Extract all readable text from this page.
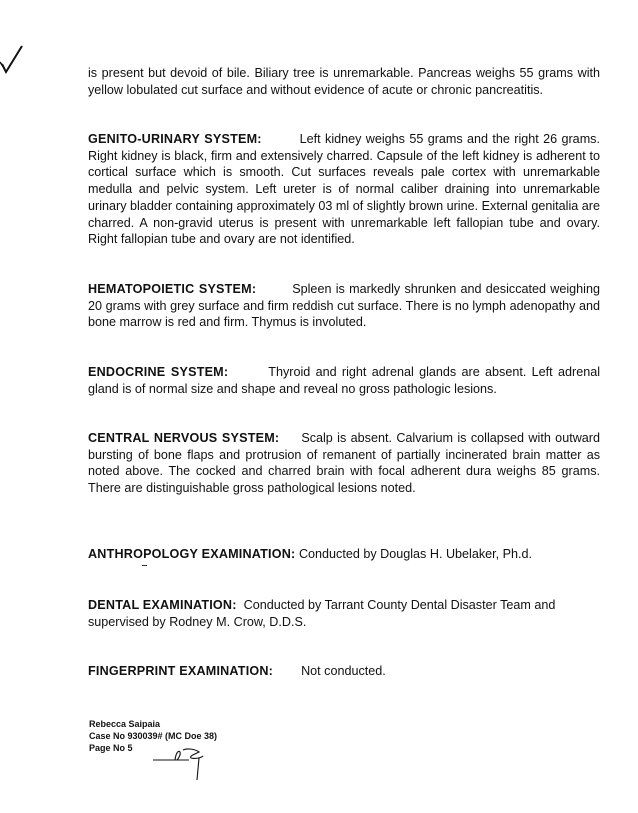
is present but devoid of bile. Biliary tree is unremarkable. Pancreas weighs 55 grams with yellow lobulated cut surface and without evidence of acute or chronic pancreatitis.

GENITO-URINARY SYSTEM:	Left kidney weighs 55 grams and the right 26 grams. Right kidney is black, firm and extensively charred. Capsule of the left kidney is adherent to cortical surface which is smooth. Cut surfaces reveals pale cortex with unremarkable medulla and pelvic system. Left ureter is of normal caliber draining into unremarkable urinary bladder containing approximately 03 ml of slightly brown urine. External genitalia are charred. A non-gravid uterus is present with unremarkable left fallopian tube and ovary. Right fallopian tube and ovary are not identified.

HEMATOPOIETIC SYSTEM:	Spleen is markedly shrunken and desiccated weighing 20 grams with grey surface and firm reddish cut surface. There is no lymph adenopathy and bone marrow is red and firm. Thymus is involuted.

ENDOCRINE SYSTEM:	Thyroid and right adrenal glands are absent. Left adrenal gland is of normal size and shape and reveal no gross pathologic lesions.

CENTRAL NERVOUS SYSTEM: Scalp is absent. Calvarium is collapsed with outward bursting of bone flaps and protrusion of remanent of partially incinerated brain matter as noted above. The cocked and charred brain with focal adherent dura weighs 85 grams. There are distinguishable gross pathological lesions noted.

ANTHROPOLOGY EXAMINATION: Conducted by Douglas H. Ubelaker, Ph.d.

DENTAL EXAMINATION: Conducted by Tarrant County Dental Disaster Team and supervised by Rodney M. Crow, D.D.S.

FINGERPRINT EXAMINATION: Not conducted.

Rebecca Saipaia
Case No 930039# (MC Doe 38)
Page No 5
